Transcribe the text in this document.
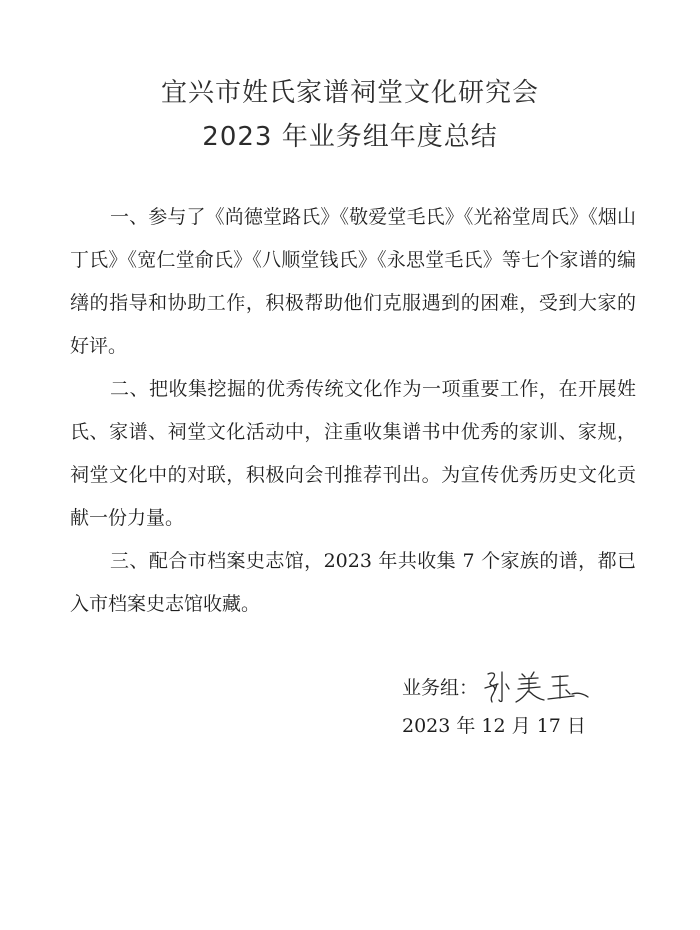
宜兴市姓氏家谱祠堂文化研究会
2023 年业务组年度总结

一、参与了《尚德堂路氏》《敬爱堂毛氏》《光裕堂周氏》《烟山丁氏》《宽仁堂俞氏》《八顺堂钱氏》《永思堂毛氏》等七个家谱的编缮的指导和协助工作，积极帮助他们克服遇到的困难，受到大家的好评。

二、把收集挖掘的优秀传统文化作为一项重要工作，在开展姓氏、家谱、祠堂文化活动中，注重收集谱书中优秀的家训、家规，祠堂文化中的对联，积极向会刊推荐刊出。为宣传优秀历史文化贡献一份力量。

三、配合市档案史志馆，2023 年共收集 7 个家族的谱，都已入市档案史志馆收藏。

业务组：
2023 年 12 月 17 日
